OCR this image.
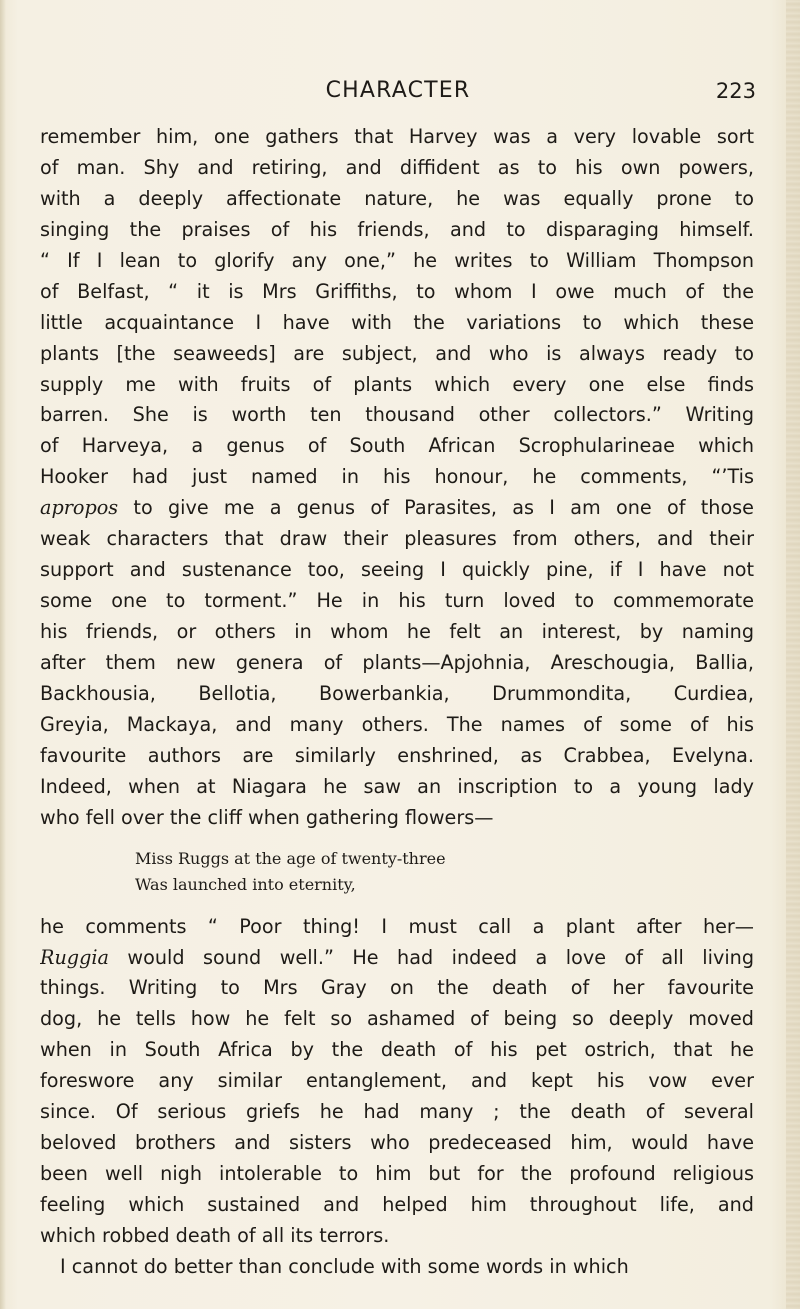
CHARACTER	223
remember him, one gathers that Harvey was a very lovable sort
of man. Shy and retiring, and diffident as to his own powers,
with a deeply affectionate nature, he was equally prone to
singing the praises of his friends, and to disparaging himself.
“ If I lean to glorify any one,” he writes to William Thompson
of Belfast, “ it is Mrs Griffiths, to whom I owe much of the
little acquaintance I have with the variations to which these
plants [the seaweeds] are subject, and who is always ready to
supply me with fruits of plants which every one else finds
barren. She is worth ten thousand other collectors.” Writing
of Harveya, a genus of South African Scrophularineae which
Hooker had just named in his honour, he comments, “’Tis
apropos to give me a genus of Parasites, as I am one of those
weak characters that draw their pleasures from others, and their
support and sustenance too, seeing I quickly pine, if I have not
some one to torment.” He in his turn loved to commemorate
his friends, or others in whom he felt an interest, by naming
after them new genera of plants—Apjohnia, Areschougia, Ballia,
Backhousia, Bellotia, Bowerbankia, Drummondita, Curdiea,
Greyia, Mackaya, and many others. The names of some of his
favourite authors are similarly enshrined, as Crabbea, Evelyna.
Indeed, when at Niagara he saw an inscription to a young lady
who fell over the cliff when gathering flowers—
Miss Ruggs at the age of twenty-three
Was launched into eternity,
he comments “ Poor thing! I must call a plant after her—
Ruggia would sound well.” He had indeed a love of all living
things. Writing to Mrs Gray on the death of her favourite
dog, he tells how he felt so ashamed of being so deeply moved
when in South Africa by the death of his pet ostrich, that he
foreswore any similar entanglement, and kept his vow ever
since. Of serious griefs he had many ; the death of several
beloved brothers and sisters who predeceased him, would have
been well nigh intolerable to him but for the profound religious
feeling which sustained and helped him throughout life, and
which robbed death of all its terrors.
I cannot do better than conclude with some words in which
